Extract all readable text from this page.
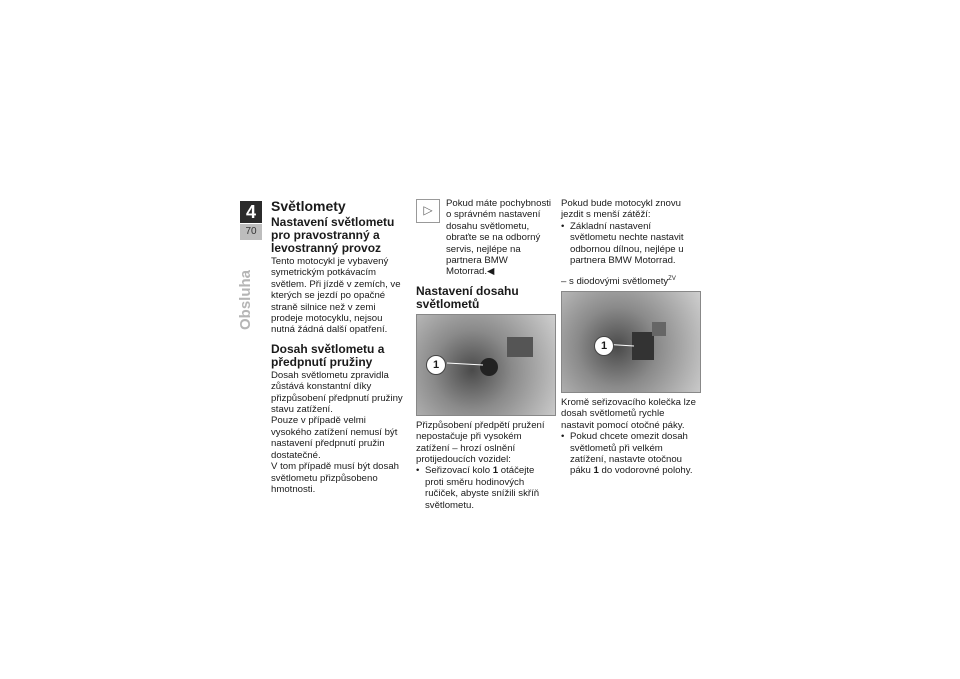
4
70
Obsluha
Světlomety
Nastavení světlometu pro pravostranný a levostranný provoz

Tento motocykl je vybavený symetrickým potkávacím světlem. Při jízdě v zemích, ve kterých se jezdí po opačné straně silnice než v zemi prodeje motocyklu, nejsou nutná žádná další opatření.

Dosah světlometu a předpnutí pružiny

Dosah světlometu zpravidla zůstává konstantní díky přizpůsobení předpnutí pružiny stavu zatížení.

Pouze v případě velmi vysokého zatížení nemusí být nastavení předpnutí pružin dostatečné.

V tom případě musí být dosah světlometu přizpůsobeno hmotnosti.

▷	Pokud máte pochybnosti o správném nastavení dosahu světlometu, obraťte se na odborný servis, nejlépe na partnera BMW Motorrad.◀

Nastavení dosahu světlometů
1

Přizpůsobení předpětí pružení nepostačuje při vysokém zatížení – hrozí oslnění protijedoucích vozidel:

• Seřizovací kolo 1 otáčejte proti směru hodinových ručiček, abyste snížili skříň světlometu.

Pokud bude motocykl znovu jezdit s menší zátěží:

• Základní nastavení světlometu nechte nastavit odbornou dílnou, nejlépe u partnera BMW Motorrad.

– s diodovými světlomety$^{ZV}$

1

Kromě seřizovacího kolečka lze dosah světlometů rychle nastavit pomocí otočné páky.

• Pokud chcete omezit dosah světlometů při velkém zatížení, nastavte otočnou páku 1 do vodorovné polohy.
